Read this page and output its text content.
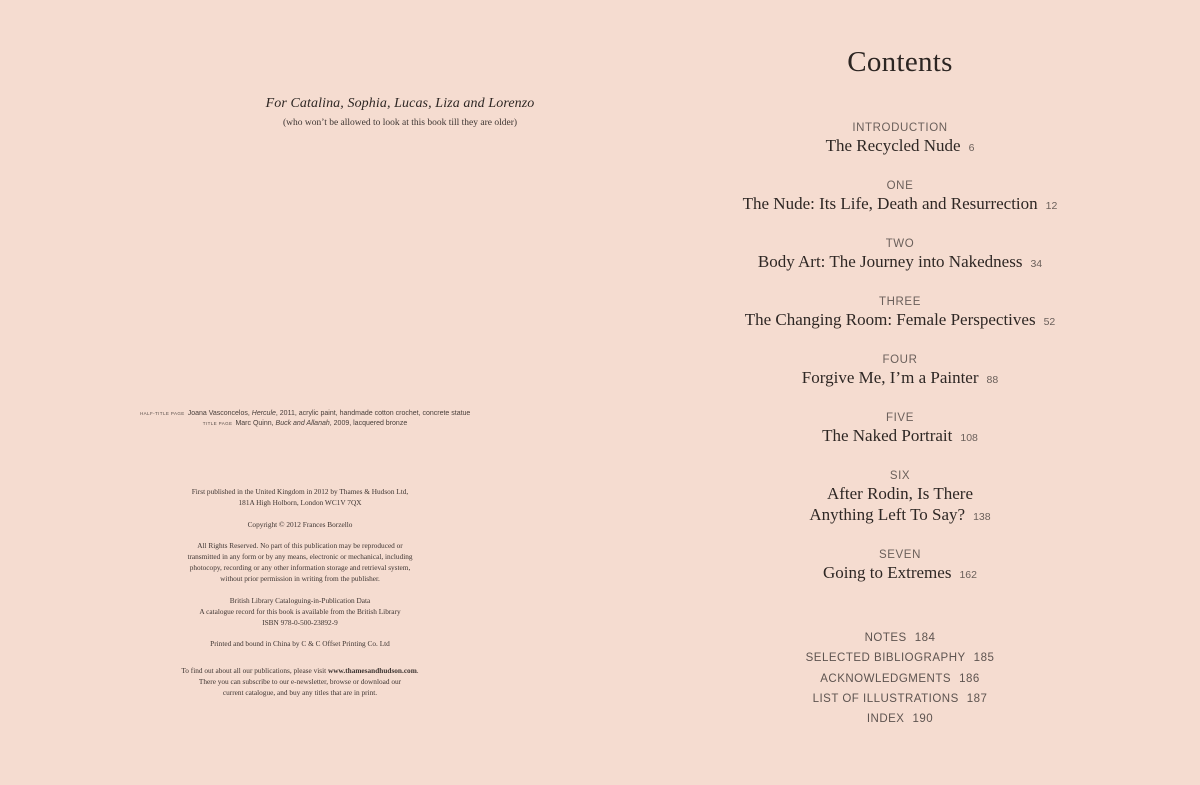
For Catalina, Sophia, Lucas, Liza and Lorenzo
(who won’t be allowed to look at this book till they are older)
HALF-TITLE PAGE Joana Vasconcelos, Hercule, 2011, acrylic paint, handmade cotton crochet, concrete statue
TITLE PAGE Marc Quinn, Buck and Allanah, 2009, lacquered bronze

First published in the United Kingdom in 2012 by Thames & Hudson Ltd,
181A High Holborn, London WC1V 7QX

Copyright © 2012 Frances Borzello

All Rights Reserved. No part of this publication may be reproduced or
transmitted in any form or by any means, electronic or mechanical, including
photocopy, recording or any other information storage and retrieval system,
without prior permission in writing from the publisher.

British Library Cataloguing-in-Publication Data
A catalogue record for this book is available from the British Library
ISBN 978-0-500-23892-9

Printed and bound in China by C & C Offset Printing Co. Ltd

To find out about all our publications, please visit www.thamesandhudson.com.
There you can subscribe to our e-newsletter, browse or download our
current catalogue, and buy any titles that are in print.

Contents
INTRODUCTION
The Recycled Nude 6
ONE
The Nude: Its Life, Death and Resurrection 12
TWO
Body Art: The Journey into Nakedness 34
THREE
The Changing Room: Female Perspectives 52
FOUR
Forgive Me, I’m a Painter 88
FIVE
The Naked Portrait 108
SIX
After Rodin, Is There
Anything Left To Say? 138
SEVEN
Going to Extremes 162
NOTES 184
SELECTED BIBLIOGRAPHY 185
ACKNOWLEDGMENTS 186
LIST OF ILLUSTRATIONS 187
INDEX 190
